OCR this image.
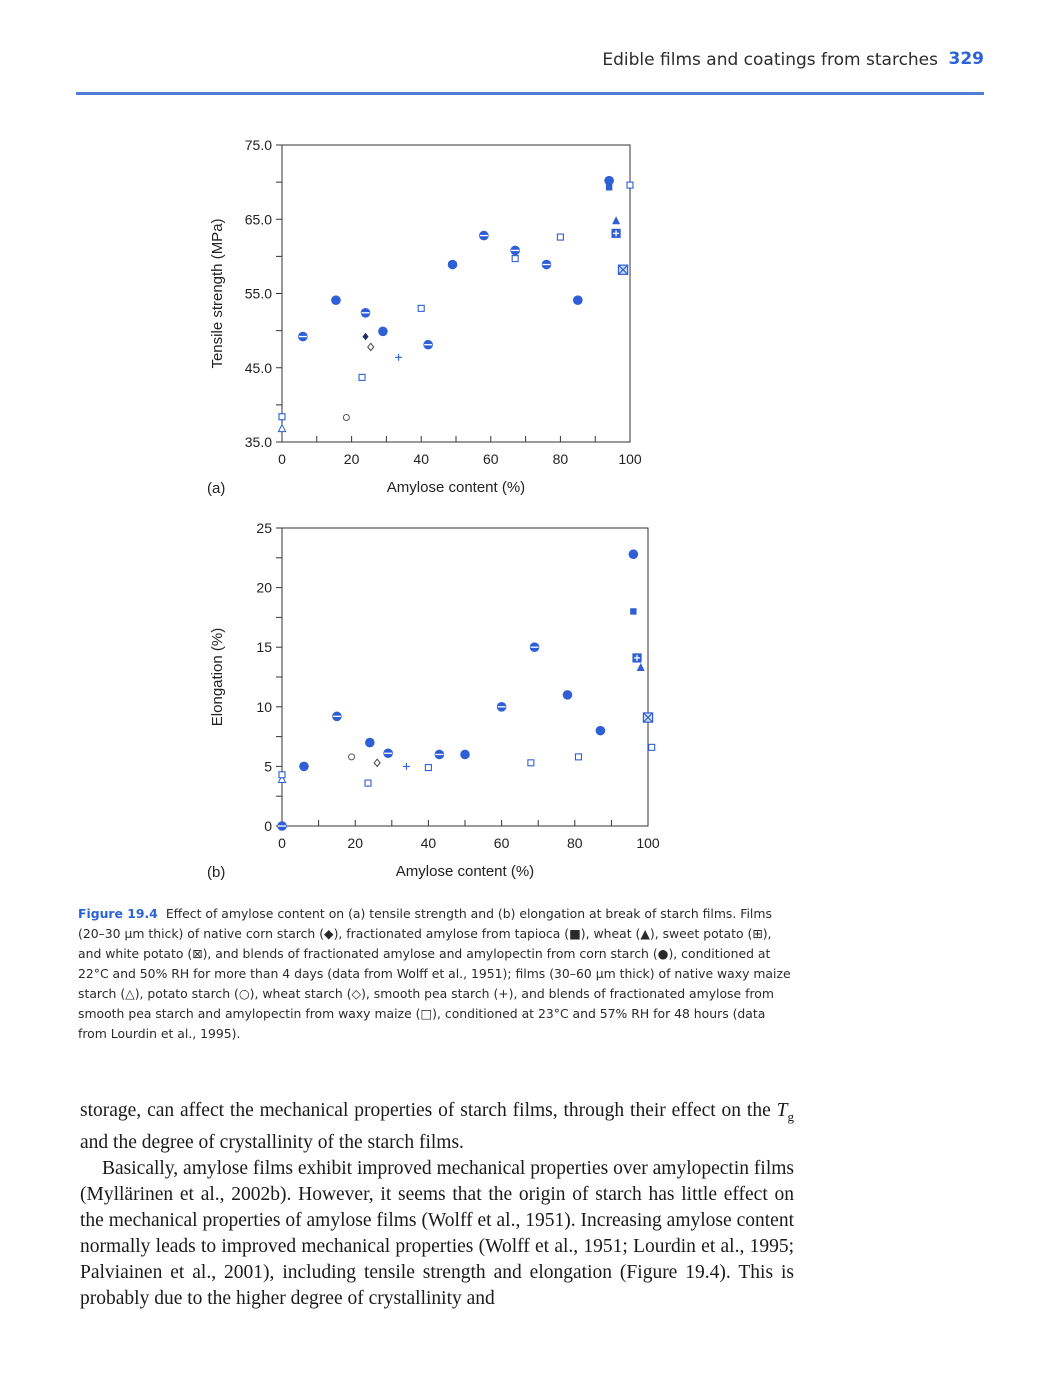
Edible films and coatings from starches 329
0	20	40	60	80	100
35.0
45.0
55.0
65.0
75.0
Amylose content (%)
Tensile strength (MPa)
(a)
0	20	40	60	80	100
0
5
10
15
20
25
Amylose content (%)
Elongation (%)
(b)
Figure 19.4 Effect of amylose content on (a) tensile strength and (b) elongation at break of starch films. Films (20–30 µm thick) of native corn starch (◆), fractionated amylose from tapioca (■), wheat (▲), sweet potato (⊞), and white potato (⊠), and blends of fractionated amylose and amylopectin from corn starch (●), conditioned at 22°C and 50% RH for more than 4 days (data from Wolff et al., 1951); films (30–60 µm thick) of native waxy maize starch (△), potato starch (○), wheat starch (◇), smooth pea starch (+), and blends of fractionated amylose from smooth pea starch and amylopectin from waxy maize (□), conditioned at 23°C and 57% RH for 48 hours (data from Lourdin et al., 1995).

storage, can affect the mechanical properties of starch films, through their effect on the $T_g$ and the degree of crystallinity of the starch films.

Basically, amylose films exhibit improved mechanical properties over amylopectin films (Myllärinen et al., 2002b). However, it seems that the origin of starch has little effect on the mechanical properties of amylose films (Wolff et al., 1951). Increasing amylose content normally leads to improved mechanical properties (Wolff et al., 1951; Lourdin et al., 1995; Palviainen et al., 2001), including tensile strength and elongation (Figure 19.4). This is probably due to the higher degree of crystallinity and
